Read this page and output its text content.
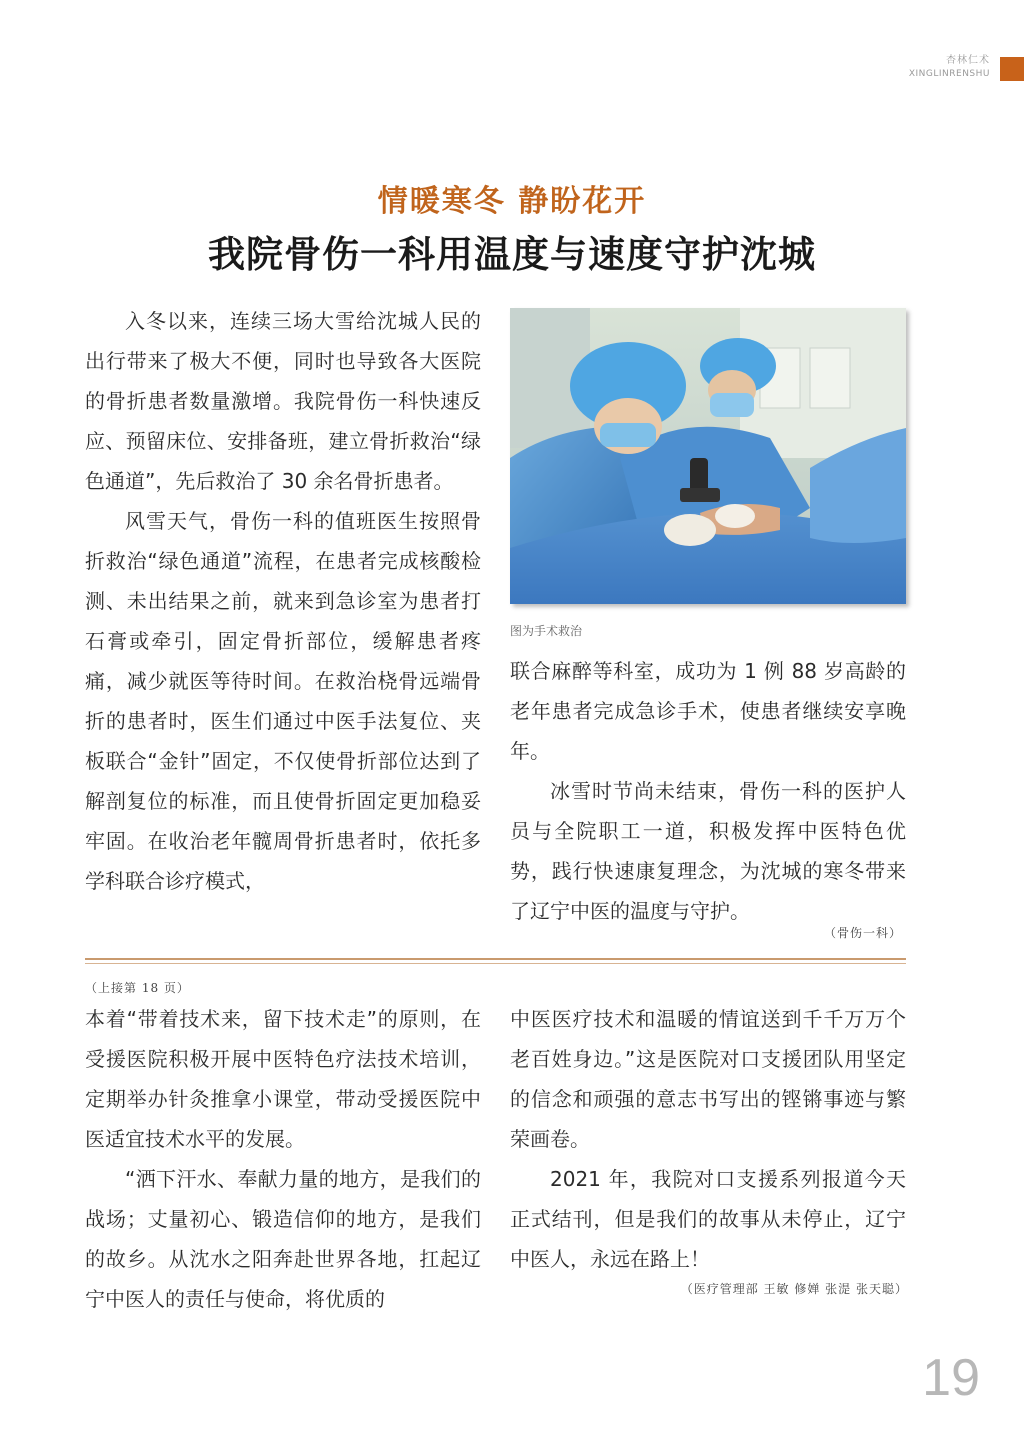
杏林仁术
XINGLINRENSHU
情暖寒冬 静盼花开
我院骨伤一科用温度与速度守护沈城

入冬以来，连续三场大雪给沈城人民的出行带来了极大不便，同时也导致各大医院的骨折患者数量激增。我院骨伤一科快速反应、预留床位、安排备班，建立骨折救治“绿色通道”，先后救治了 30 余名骨折患者。

风雪天气，骨伤一科的值班医生按照骨折救治“绿色通道”流程，在患者完成核酸检测、未出结果之前，就来到急诊室为患者打石膏或牵引，固定骨折部位，缓解患者疼痛，减少就医等待时间。在救治桡骨远端骨折的患者时，医生们通过中医手法复位、夹板联合“金针”固定，不仅使骨折部位达到了解剖复位的标准，而且使骨折固定更加稳妥牢固。在收治老年髋周骨折患者时，依托多学科联合诊疗模式，

图为手术救治

联合麻醉等科室，成功为 1 例 88 岁高龄的老年患者完成急诊手术，使患者继续安享晚年。

冰雪时节尚未结束，骨伤一科的医护人员与全院职工一道，积极发挥中医特色优势，践行快速康复理念，为沈城的寒冬带来了辽宁中医的温度与守护。

（骨伤一科）
（上接第 18 页）

本着“带着技术来，留下技术走”的原则，在受援医院积极开展中医特色疗法技术培训，定期举办针灸推拿小课堂，带动受援医院中医适宜技术水平的发展。

“洒下汗水、奉献力量的地方，是我们的战场；丈量初心、锻造信仰的地方，是我们的故乡。从沈水之阳奔赴世界各地，扛起辽宁中医人的责任与使命，将优质的

中医医疗技术和温暖的情谊送到千千万万个老百姓身边。”这是医院对口支援团队用坚定的信念和顽强的意志书写出的铿锵事迹与繁荣画卷。

2021 年，我院对口支援系列报道今天正式结刊，但是我们的故事从未停止，辽宁中医人，永远在路上！

（医疗管理部 王敏 修婵 张湜 张天聪）
19
